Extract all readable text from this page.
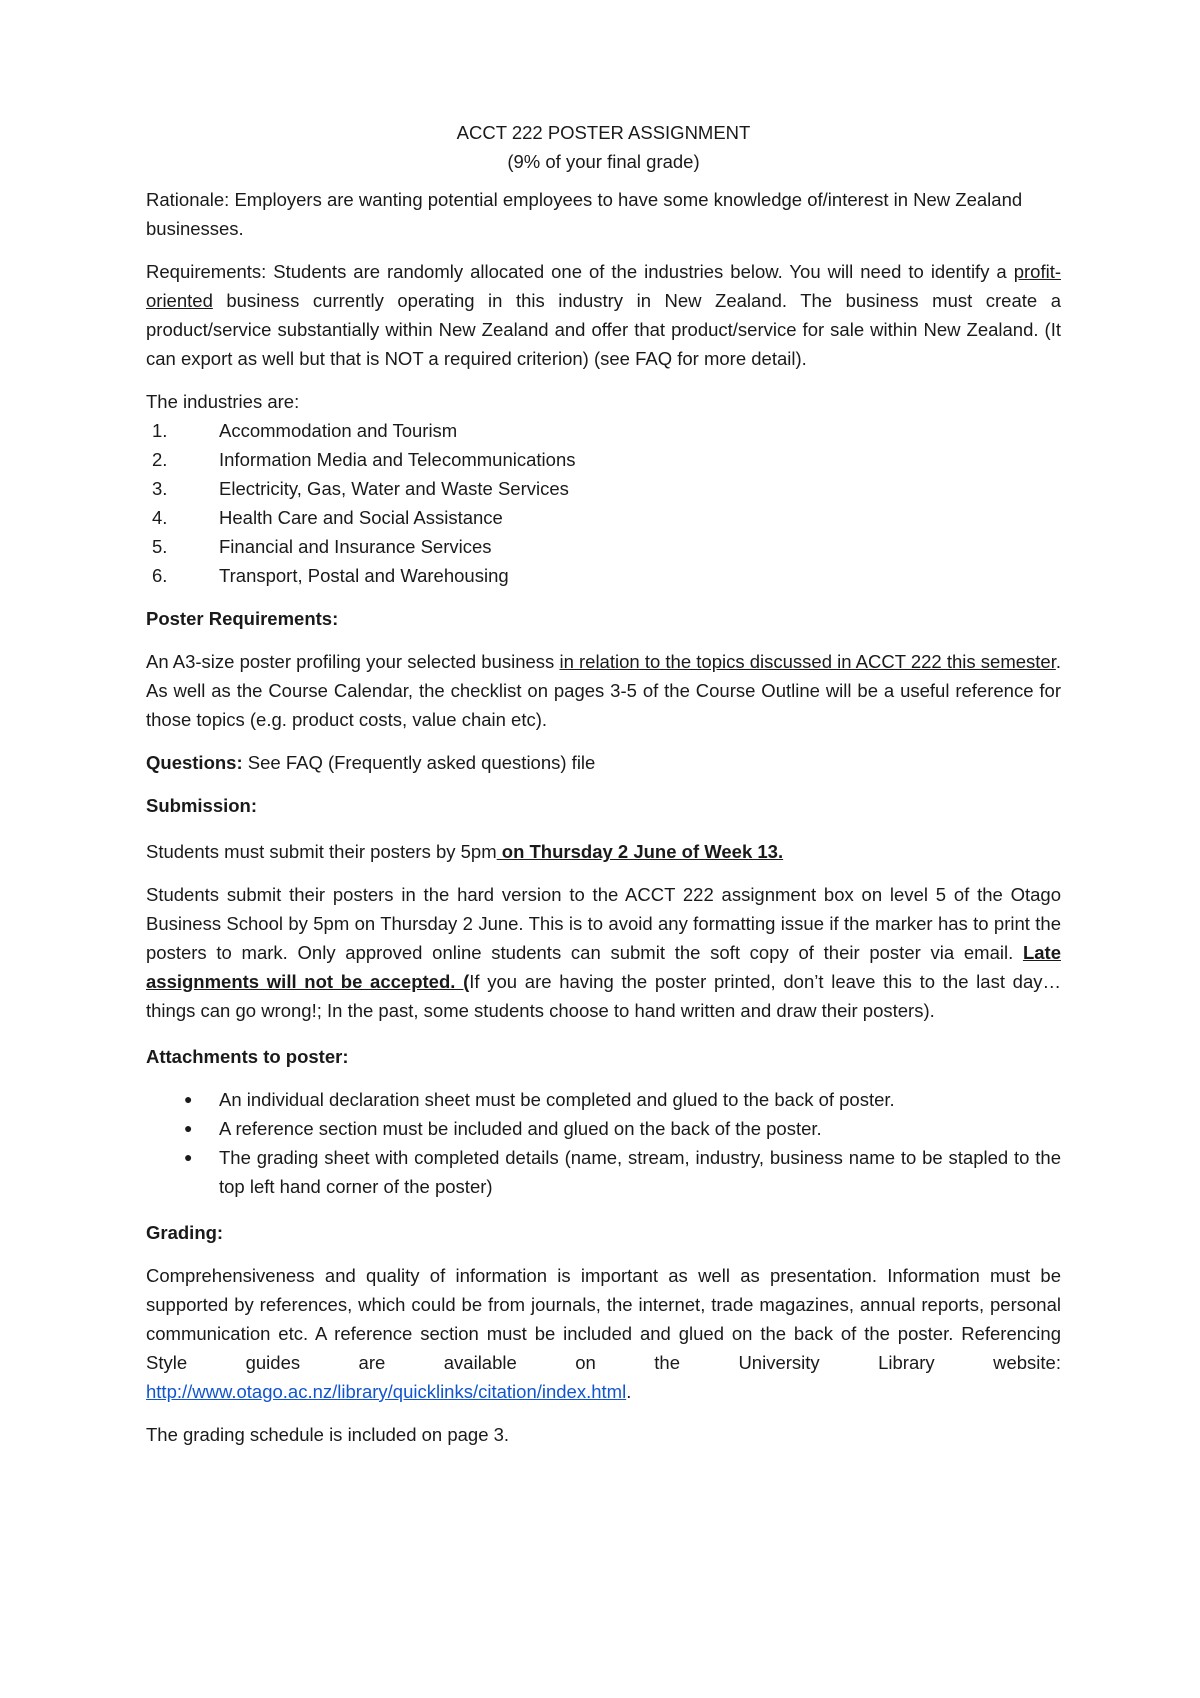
ACCT 222 POSTER ASSIGNMENT

(9% of your final grade)

Rationale: Employers are wanting potential employees to have some knowledge of/interest in New Zealand businesses.

Requirements: Students are randomly allocated one of the industries below. You will need to identify a profit-oriented business currently operating in this industry in New Zealand. The business must create a product/service substantially within New Zealand and offer that product/service for sale within New Zealand. (It can export as well but that is NOT a required criterion) (see FAQ for more detail).

The industries are:

1.	Accommodation and Tourism
2.	Information Media and Telecommunications
3.	Electricity, Gas, Water and Waste Services
4.	Health Care and Social Assistance
5.	Financial and Insurance Services
6.	Transport, Postal and Warehousing

Poster Requirements:

An A3-size poster profiling your selected business in relation to the topics discussed in ACCT 222 this semester. As well as the Course Calendar, the checklist on pages 3-5 of the Course Outline will be a useful reference for those topics (e.g. product costs, value chain etc).

Questions: See FAQ (Frequently asked questions) file

Submission:

Students must submit their posters by 5pm on Thursday 2 June of Week 13.

Students submit their posters in the hard version to the ACCT 222 assignment box on level 5 of the Otago Business School by 5pm on Thursday 2 June. This is to avoid any formatting issue if the marker has to print the posters to mark. Only approved online students can submit the soft copy of their poster via email. Late assignments will not be accepted. (If you are having the poster printed, don’t leave this to the last day…things can go wrong!; In the past, some students choose to hand written and draw their posters).

Attachments to poster:

●	An individual declaration sheet must be completed and glued to the back of poster.
●	A reference section must be included and glued on the back of the poster.
●	The grading sheet with completed details (name, stream, industry, business name to be stapled to the top left hand corner of the poster)

Grading:

Comprehensiveness and quality of information is important as well as presentation. Information must be supported by references, which could be from journals, the internet, trade magazines, annual reports, personal communication etc. A reference section must be included and glued on the back of the poster. Referencing Style guides are available on the University Library website: http://www.otago.ac.nz/library/quicklinks/citation/index.html.

The grading schedule is included on page 3.
